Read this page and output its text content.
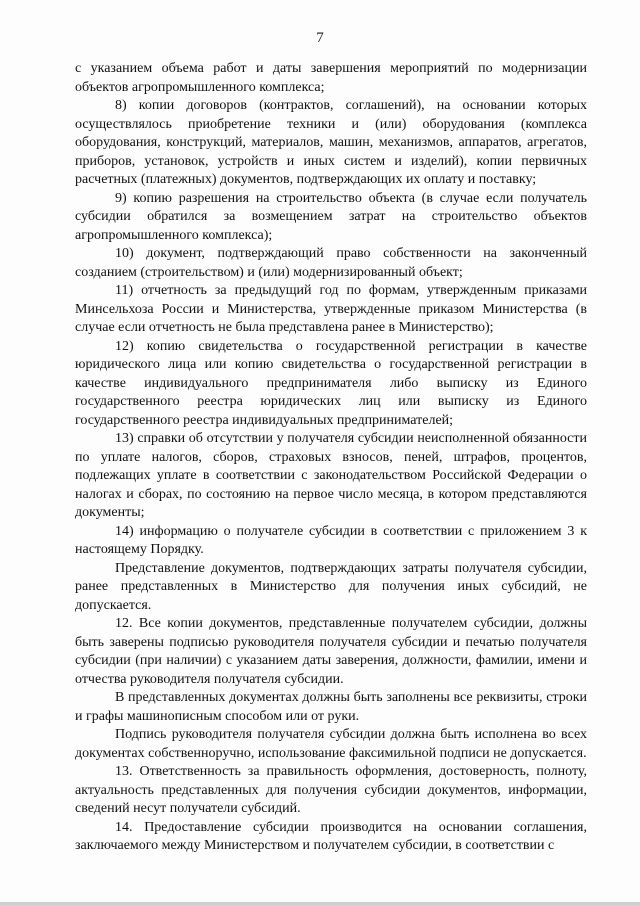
7

с указанием объема работ и даты завершения мероприятий по модернизации объектов агропромышленного комплекса;

8) копии договоров (контрактов, соглашений), на основании которых осуществлялось приобретение техники и (или) оборудования (комплекса оборудования, конструкций, материалов, машин, механизмов, аппаратов, агрегатов, приборов, установок, устройств и иных систем и изделий), копии первичных расчетных (платежных) документов, подтверждающих их оплату и поставку;

9) копию разрешения на строительство объекта (в случае если получатель субсидии обратился за возмещением затрат на строительство объектов агропромышленного комплекса);

10) документ, подтверждающий право собственности на законченный созданием (строительством) и (или) модернизированный объект;

11) отчетность за предыдущий год по формам, утвержденным приказами Минсельхоза России и Министерства, утвержденные приказом Министерства (в случае если отчетность не была представлена ранее в Министерство);

12) копию свидетельства о государственной регистрации в качестве юридического лица или копию свидетельства о государственной регистрации в качестве индивидуального предпринимателя либо выписку из Единого государственного реестра юридических лиц или выписку из Единого государственного реестра индивидуальных предпринимателей;

13) справки об отсутствии у получателя субсидии неисполненной обязанности по уплате налогов, сборов, страховых взносов, пеней, штрафов, процентов, подлежащих уплате в соответствии с законодательством Российской Федерации о налогах и сборах, по состоянию на первое число месяца, в котором представляются документы;

14) информацию о получателе субсидии в соответствии с приложением 3 к настоящему Порядку.

Представление документов, подтверждающих затраты получателя субсидии, ранее представленных в Министерство для получения иных субсидий, не допускается.

12. Все копии документов, представленные получателем субсидии, должны быть заверены подписью руководителя получателя субсидии и печатью получателя субсидии (при наличии) с указанием даты заверения, должности, фамилии, имени и отчества руководителя получателя субсидии.

В представленных документах должны быть заполнены все реквизиты, строки и графы машинописным способом или от руки.

Подпись руководителя получателя субсидии должна быть исполнена во всех документах собственноручно, использование факсимильной подписи не допускается.

13. Ответственность за правильность оформления, достоверность, полноту, актуальность представленных для получения субсидии документов, информации, сведений несут получатели субсидий.

14. Предоставление субсидии производится на основании соглашения, заключаемого между Министерством и получателем субсидии, в соответствии с
